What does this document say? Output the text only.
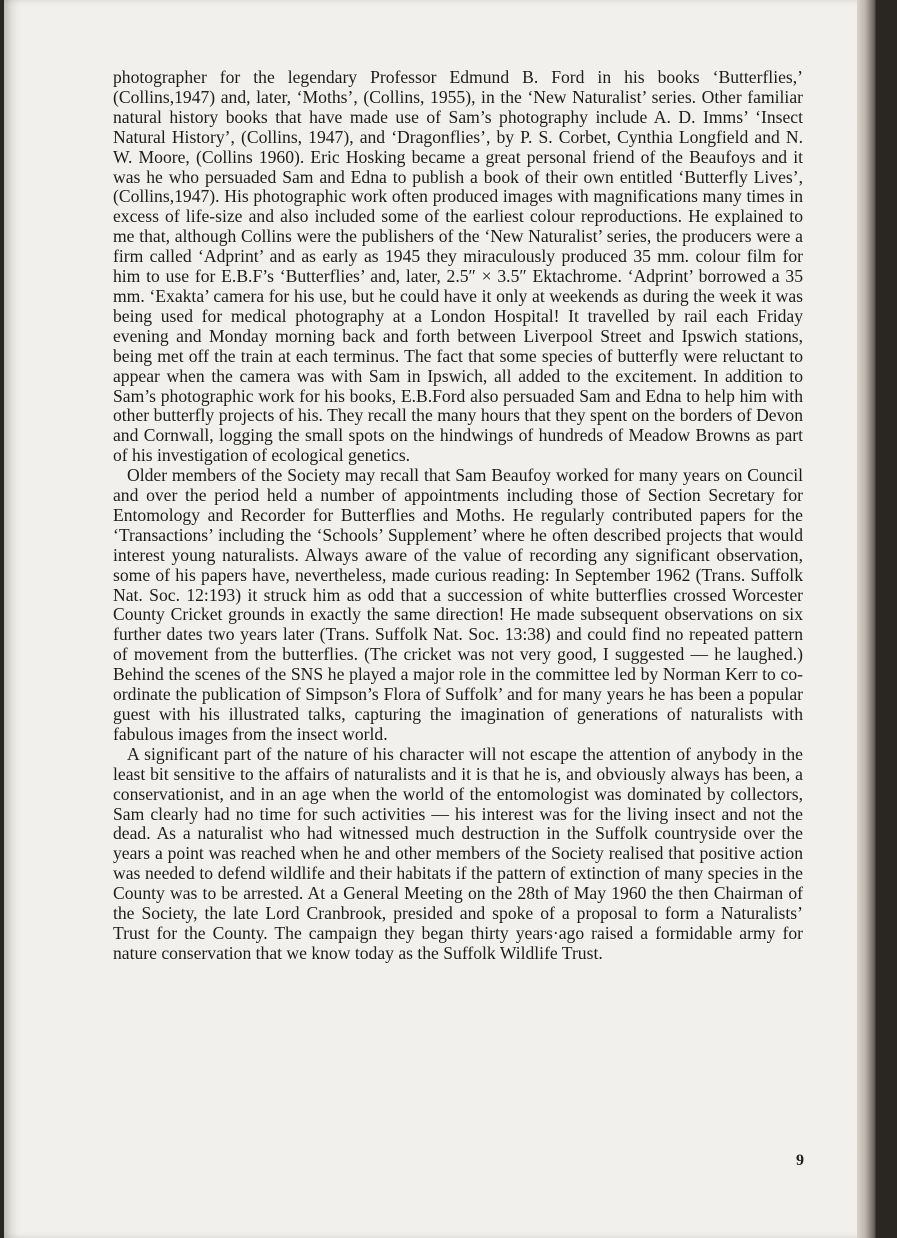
photographer for the legendary Professor Edmund B. Ford in his books ‘Butterflies,’ (Collins,1947) and, later, ‘Moths’, (Collins, 1955), in the ‘New Naturalist’ series. Other familiar natural history books that have made use of Sam’s photography include A. D. Imms’ ‘Insect Natural History’, (Collins, 1947), and ‘Dragonflies’, by P. S. Corbet, Cynthia Longfield and N. W. Moore, (Collins 1960). Eric Hosking became a great personal friend of the Beaufoys and it was he who persuaded Sam and Edna to publish a book of their own entitled ‘Butterfly Lives’, (Collins,1947). His photographic work often produced images with magnifications many times in excess of life-size and also included some of the earliest colour reproductions. He explained to me that, although Collins were the publishers of the ‘New Naturalist’ series, the producers were a firm called ‘Adprint’ and as early as 1945 they miraculously produced 35 mm. colour film for him to use for E.B.F’s ‘Butterflies’ and, later, 2.5″ × 3.5″ Ektachrome. ‘Adprint’ borrowed a 35 mm. ‘Exakta’ camera for his use, but he could have it only at weekends as during the week it was being used for medical photography at a London Hospital! It travelled by rail each Friday evening and Monday morning back and forth between Liverpool Street and Ipswich stations, being met off the train at each terminus. The fact that some species of butterfly were reluctant to appear when the camera was with Sam in Ipswich, all added to the excitement. In addition to Sam’s photographic work for his books, E.B.Ford also persuaded Sam and Edna to help him with other butterfly projects of his. They recall the many hours that they spent on the borders of Devon and Cornwall, logging the small spots on the hindwings of hundreds of Meadow Browns as part of his investigation of ecological genetics.

Older members of the Society may recall that Sam Beaufoy worked for many years on Council and over the period held a number of appointments including those of Section Secretary for Entomology and Recorder for Butterflies and Moths. He regularly contributed papers for the ‘Transactions’ including the ‘Schools’ Supplement’ where he often described projects that would interest young naturalists. Always aware of the value of recording any significant observation, some of his papers have, nevertheless, made curious reading: In September 1962 (Trans. Suffolk Nat. Soc. 12:193) it struck him as odd that a succession of white butterflies crossed Worcester County Cricket grounds in exactly the same direction! He made subsequent observations on six further dates two years later (Trans. Suffolk Nat. Soc. 13:38) and could find no repeated pattern of movement from the butterflies. (The cricket was not very good, I suggested — he laughed.) Behind the scenes of the SNS he played a major role in the committee led by Norman Kerr to co-ordinate the publication of Simpson’s Flora of Suffolk’ and for many years he has been a popular guest with his illustrated talks, capturing the imagination of generations of naturalists with fabulous images from the insect world.

A significant part of the nature of his character will not escape the attention of anybody in the least bit sensitive to the affairs of naturalists and it is that he is, and obviously always has been, a conservationist, and in an age when the world of the entomologist was dominated by collectors, Sam clearly had no time for such activities — his interest was for the living insect and not the dead. As a naturalist who had witnessed much destruction in the Suffolk countryside over the years a point was reached when he and other members of the Society realised that positive action was needed to defend wildlife and their habitats if the pattern of extinction of many species in the County was to be arrested. At a General Meeting on the 28th of May 1960 the then Chairman of the Society, the late Lord Cranbrook, presided and spoke of a proposal to form a Naturalists’ Trust for the County. The campaign they began thirty years·ago raised a formidable army for nature conservation that we know today as the Suffolk Wildlife Trust.

9
